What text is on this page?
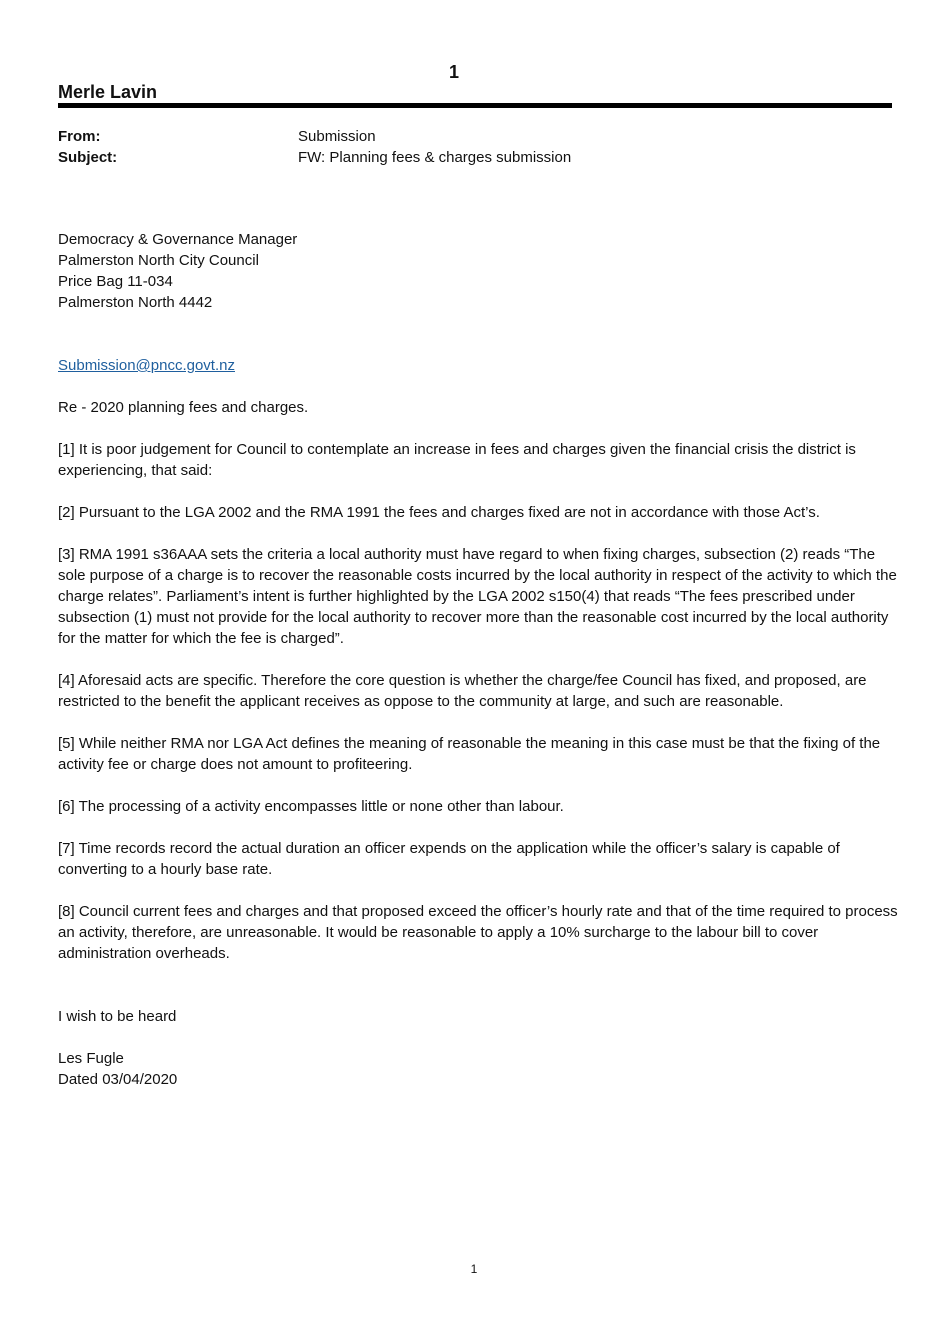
1
Merle Lavin
From:	Submission
Subject:	FW: Planning fees & charges submission

Democracy & Governance Manager

Palmerston North City Council

Price Bag 11-034

Palmerston North 4442

Submission@pncc.govt.nz

Re - 2020 planning fees and charges.

[1] It is poor judgement for Council to contemplate an increase in fees and charges given the financial crisis the district is experiencing, that said:

[2] Pursuant to the LGA 2002 and the RMA 1991 the fees and charges fixed are not in accordance with those Act’s.

[3] RMA 1991 s36AAA sets the criteria a local authority must have regard to when fixing charges, subsection (2) reads “The sole purpose of a charge is to recover the reasonable costs incurred by the local authority in respect of the activity to which the charge relates”. Parliament’s intent is further highlighted by the LGA 2002 s150(4) that reads “The fees prescribed under subsection (1) must not provide for the local authority to recover more than the reasonable cost incurred by the local authority for the matter for which the fee is charged”.

[4] Aforesaid acts are specific. Therefore the core question is whether the charge/fee Council has fixed, and proposed, are restricted to the benefit the applicant receives as oppose to the community at large, and such are reasonable.

[5] While neither RMA nor LGA Act defines the meaning of reasonable the meaning in this case must be that the fixing of the activity fee or charge does not amount to profiteering.

[6] The processing of a activity encompasses little or none other than labour.

[7] Time records record the actual duration an officer expends on the application while the officer’s salary is capable of converting to a hourly base rate.

[8] Council current fees and charges and that proposed exceed the officer’s hourly rate and that of the time required to process an activity, therefore, are unreasonable. It would be reasonable to apply a 10% surcharge to the labour bill to cover administration overheads.

I wish to be heard

Les Fugle

Dated 03/04/2020

1
